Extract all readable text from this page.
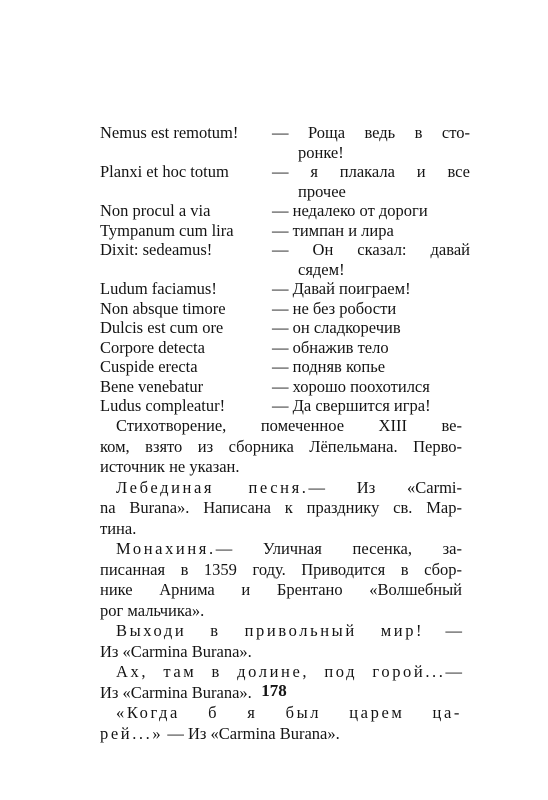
Nemus est remotum!	— Роща ведь в сто-
ронке!
Planxi et hoc totum	— я плакала и все
прочее
Non procul a via	— недалеко от дороги
Tympanum cum lira	— тимпан и лира
Dixit: sedeamus!	— Он сказал: давай
сядем!
Ludum faciamus!	— Давай поиграем!
Non absque timore	— не без робости
Dulcis est cum ore	— он сладкоречив
Corpore detecta	— обнажив тело
Cuspide erecta	— подняв копье
Bene venebatur	— хорошо поохотился
Ludus compleatur!	— Да свершится игра!
Стихотворение, помеченное XIII ве-
ком, взято из сборника Лёпельмана. Перво-
источник не указан.
Лебединая песня.— Из «Carmi-
na Burana». Написана к празднику св. Мар-
тина.
Монахиня.— Уличная песенка, за-
писанная в 1359 году. Приводится в сбор-
нике Арнима и Брентано «Волшебный
рог мальчика».
Выходи в привольный мир! —
Из «Carmina Burana».
Ах, там в долине, под горой...—
Из «Carmina Burana».
«Когда б я был царем ца-
рей...» — Из «Carmina Burana».
178
